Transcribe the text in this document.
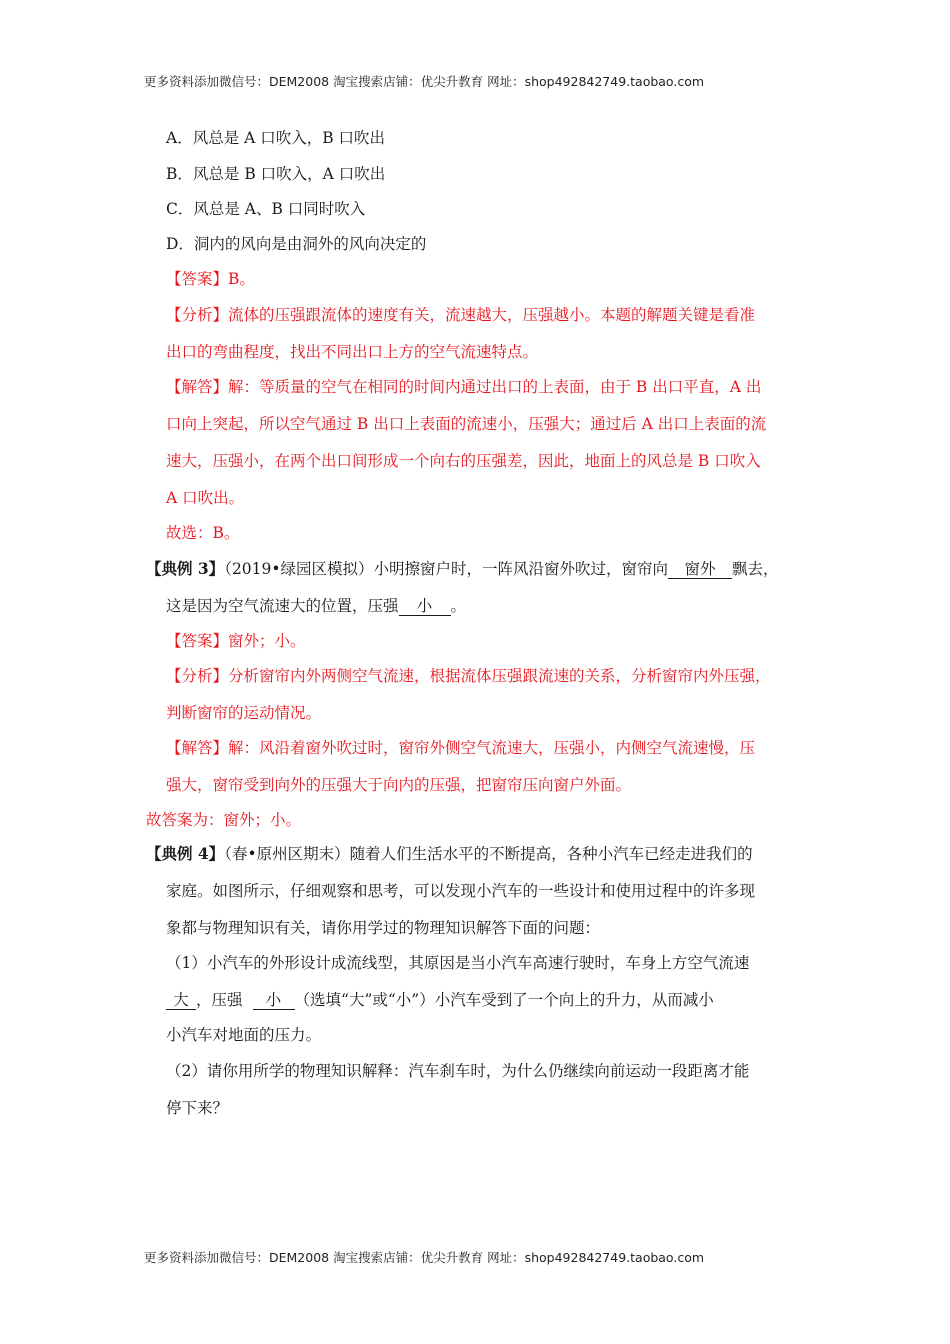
更多资料添加微信号：DEM2008 淘宝搜索店铺：优尖升教育 网址：shop492842749.taobao.com
A．风总是 A 口吹入，B 口吹出
B．风总是 B 口吹入，A 口吹出
C．风总是 A、B 口同时吹入
D．洞内的风向是由洞外的风向决定的
【答案】B。
【分析】流体的压强跟流体的速度有关，流速越大，压强越小。本题的解题关键是看准
出口的弯曲程度，找出不同出口上方的空气流速特点。
【解答】解：等质量的空气在相同的时间内通过出口的上表面，由于 B 出口平直，A 出
口向上突起，所以空气通过 B 出口上表面的流速小，压强大；通过后 A 出口上表面的流
速大，压强小，在两个出口间形成一个向右的压强差，因此，地面上的风总是 B 口吹入
A 口吹出。
故选：B。
【典例 3】（2019•绿园区模拟）小明擦窗户时，一阵风沿窗外吹过，窗帘向 窗外 飘去，
这是因为空气流速大的位置，压强 小 。
【答案】窗外；小。
【分析】分析窗帘内外两侧空气流速，根据流体压强跟流速的关系，分析窗帘内外压强，
判断窗帘的运动情况。
【解答】解：风沿着窗外吹过时，窗帘外侧空气流速大，压强小，内侧空气流速慢，压
强大，窗帘受到向外的压强大于向内的压强，把窗帘压向窗户外面。
故答案为：窗外；小。
【典例 4】（春•原州区期末）随着人们生活水平的不断提高，各种小汽车已经走进我们的
家庭。如图所示，仔细观察和思考，可以发现小汽车的一些设计和使用过程中的许多现
象都与物理知识有关，请你用学过的物理知识解答下面的问题：
（1）小汽车的外形设计成流线型，其原因是当小汽车高速行驶时，车身上方空气流速
大 ，压强 小 （选填“大”或“小”）小汽车受到了一个向上的升力，从而减小
小汽车对地面的压力。
（2）请你用所学的物理知识解释：汽车刹车时，为什么仍继续向前运动一段距离才能
停下来？
更多资料添加微信号：DEM2008 淘宝搜索店铺：优尖升教育 网址：shop492842749.taobao.com
